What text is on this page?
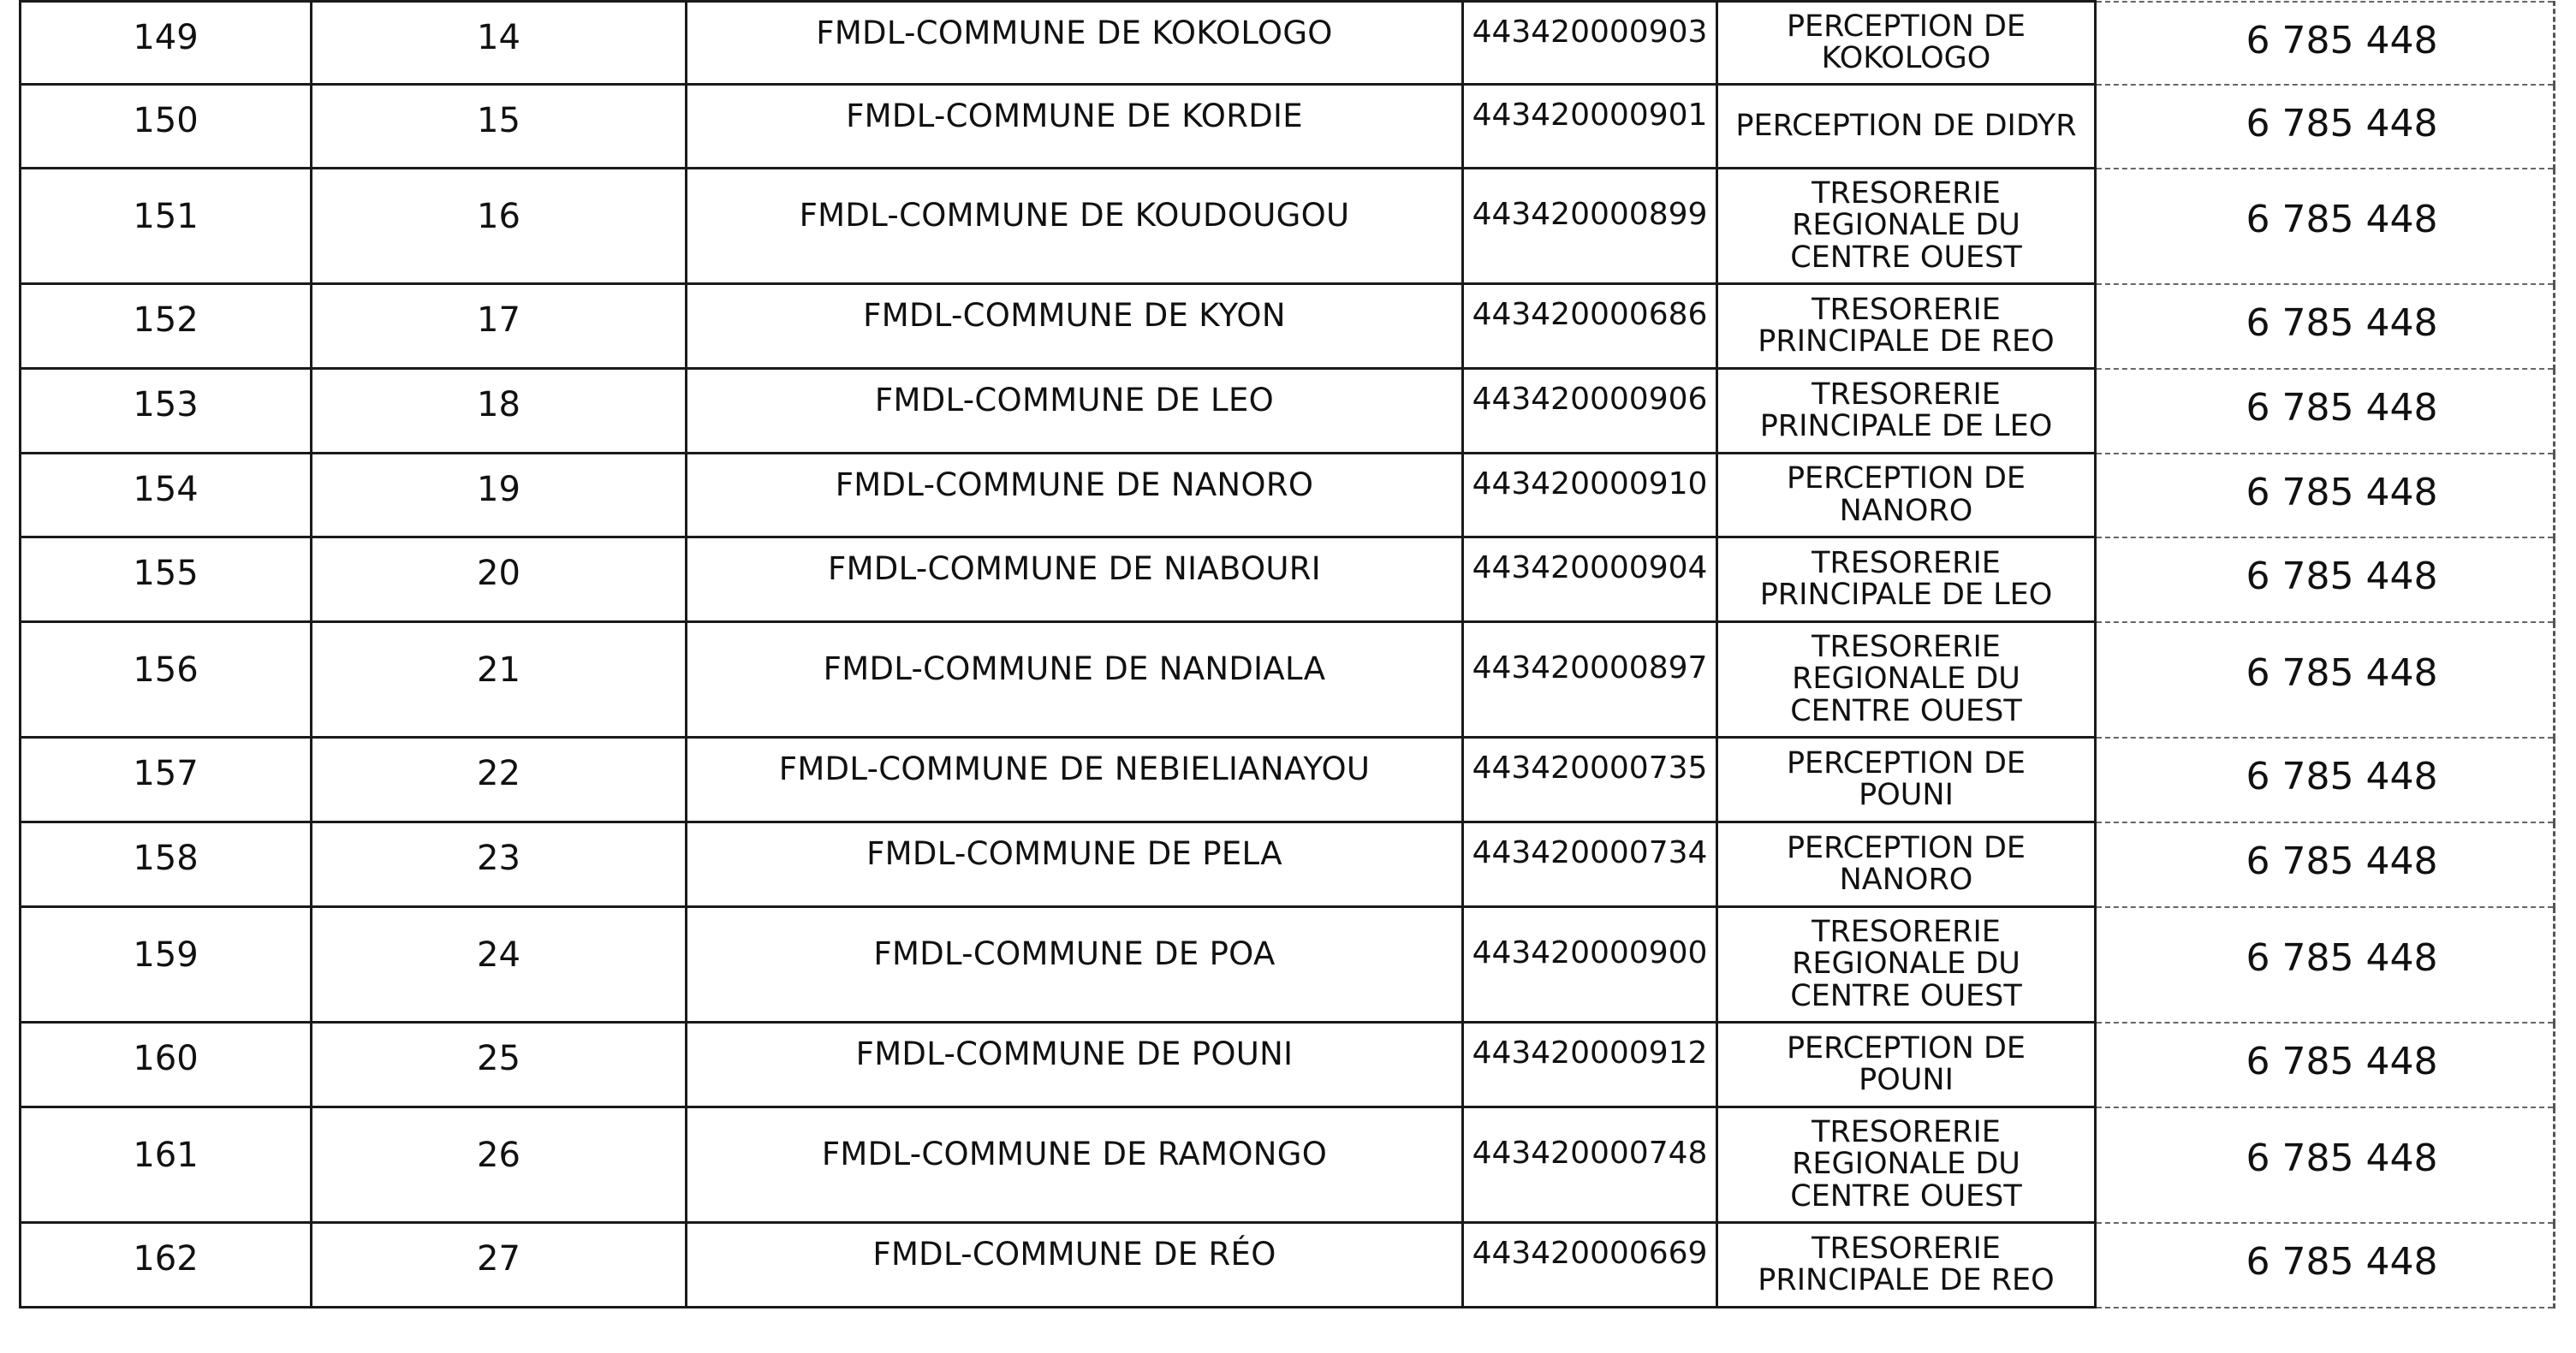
149	14	FMDL-COMMUNE DE KOKOLOGO	443420000903	PERCEPTION DE
KOKOLOGO	6 785 448
150	15	FMDL-COMMUNE DE KORDIE	443420000901	PERCEPTION DE DIDYR	6 785 448
151	16	FMDL-COMMUNE DE KOUDOUGOU	443420000899	TRESORERIE
REGIONALE DU
CENTRE OUEST	6 785 448
152	17	FMDL-COMMUNE DE KYON	443420000686	TRESORERIE
PRINCIPALE DE REO	6 785 448
153	18	FMDL-COMMUNE DE LEO	443420000906	TRESORERIE
PRINCIPALE DE LEO	6 785 448
154	19	FMDL-COMMUNE DE NANORO	443420000910	PERCEPTION DE
NANORO	6 785 448
155	20	FMDL-COMMUNE DE NIABOURI	443420000904	TRESORERIE
PRINCIPALE DE LEO	6 785 448
156	21	FMDL-COMMUNE DE NANDIALA	443420000897	TRESORERIE
REGIONALE DU
CENTRE OUEST	6 785 448
157	22	FMDL-COMMUNE DE NEBIELIANAYOU	443420000735	PERCEPTION DE
POUNI	6 785 448
158	23	FMDL-COMMUNE DE PELA	443420000734	PERCEPTION DE
NANORO	6 785 448
159	24	FMDL-COMMUNE DE POA	443420000900	TRESORERIE
REGIONALE DU
CENTRE OUEST	6 785 448
160	25	FMDL-COMMUNE DE POUNI	443420000912	PERCEPTION DE
POUNI	6 785 448
161	26	FMDL-COMMUNE DE RAMONGO	443420000748	TRESORERIE
REGIONALE DU
CENTRE OUEST	6 785 448
162	27	FMDL-COMMUNE DE RÉO	443420000669	TRESORERIE
PRINCIPALE DE REO	6 785 448
